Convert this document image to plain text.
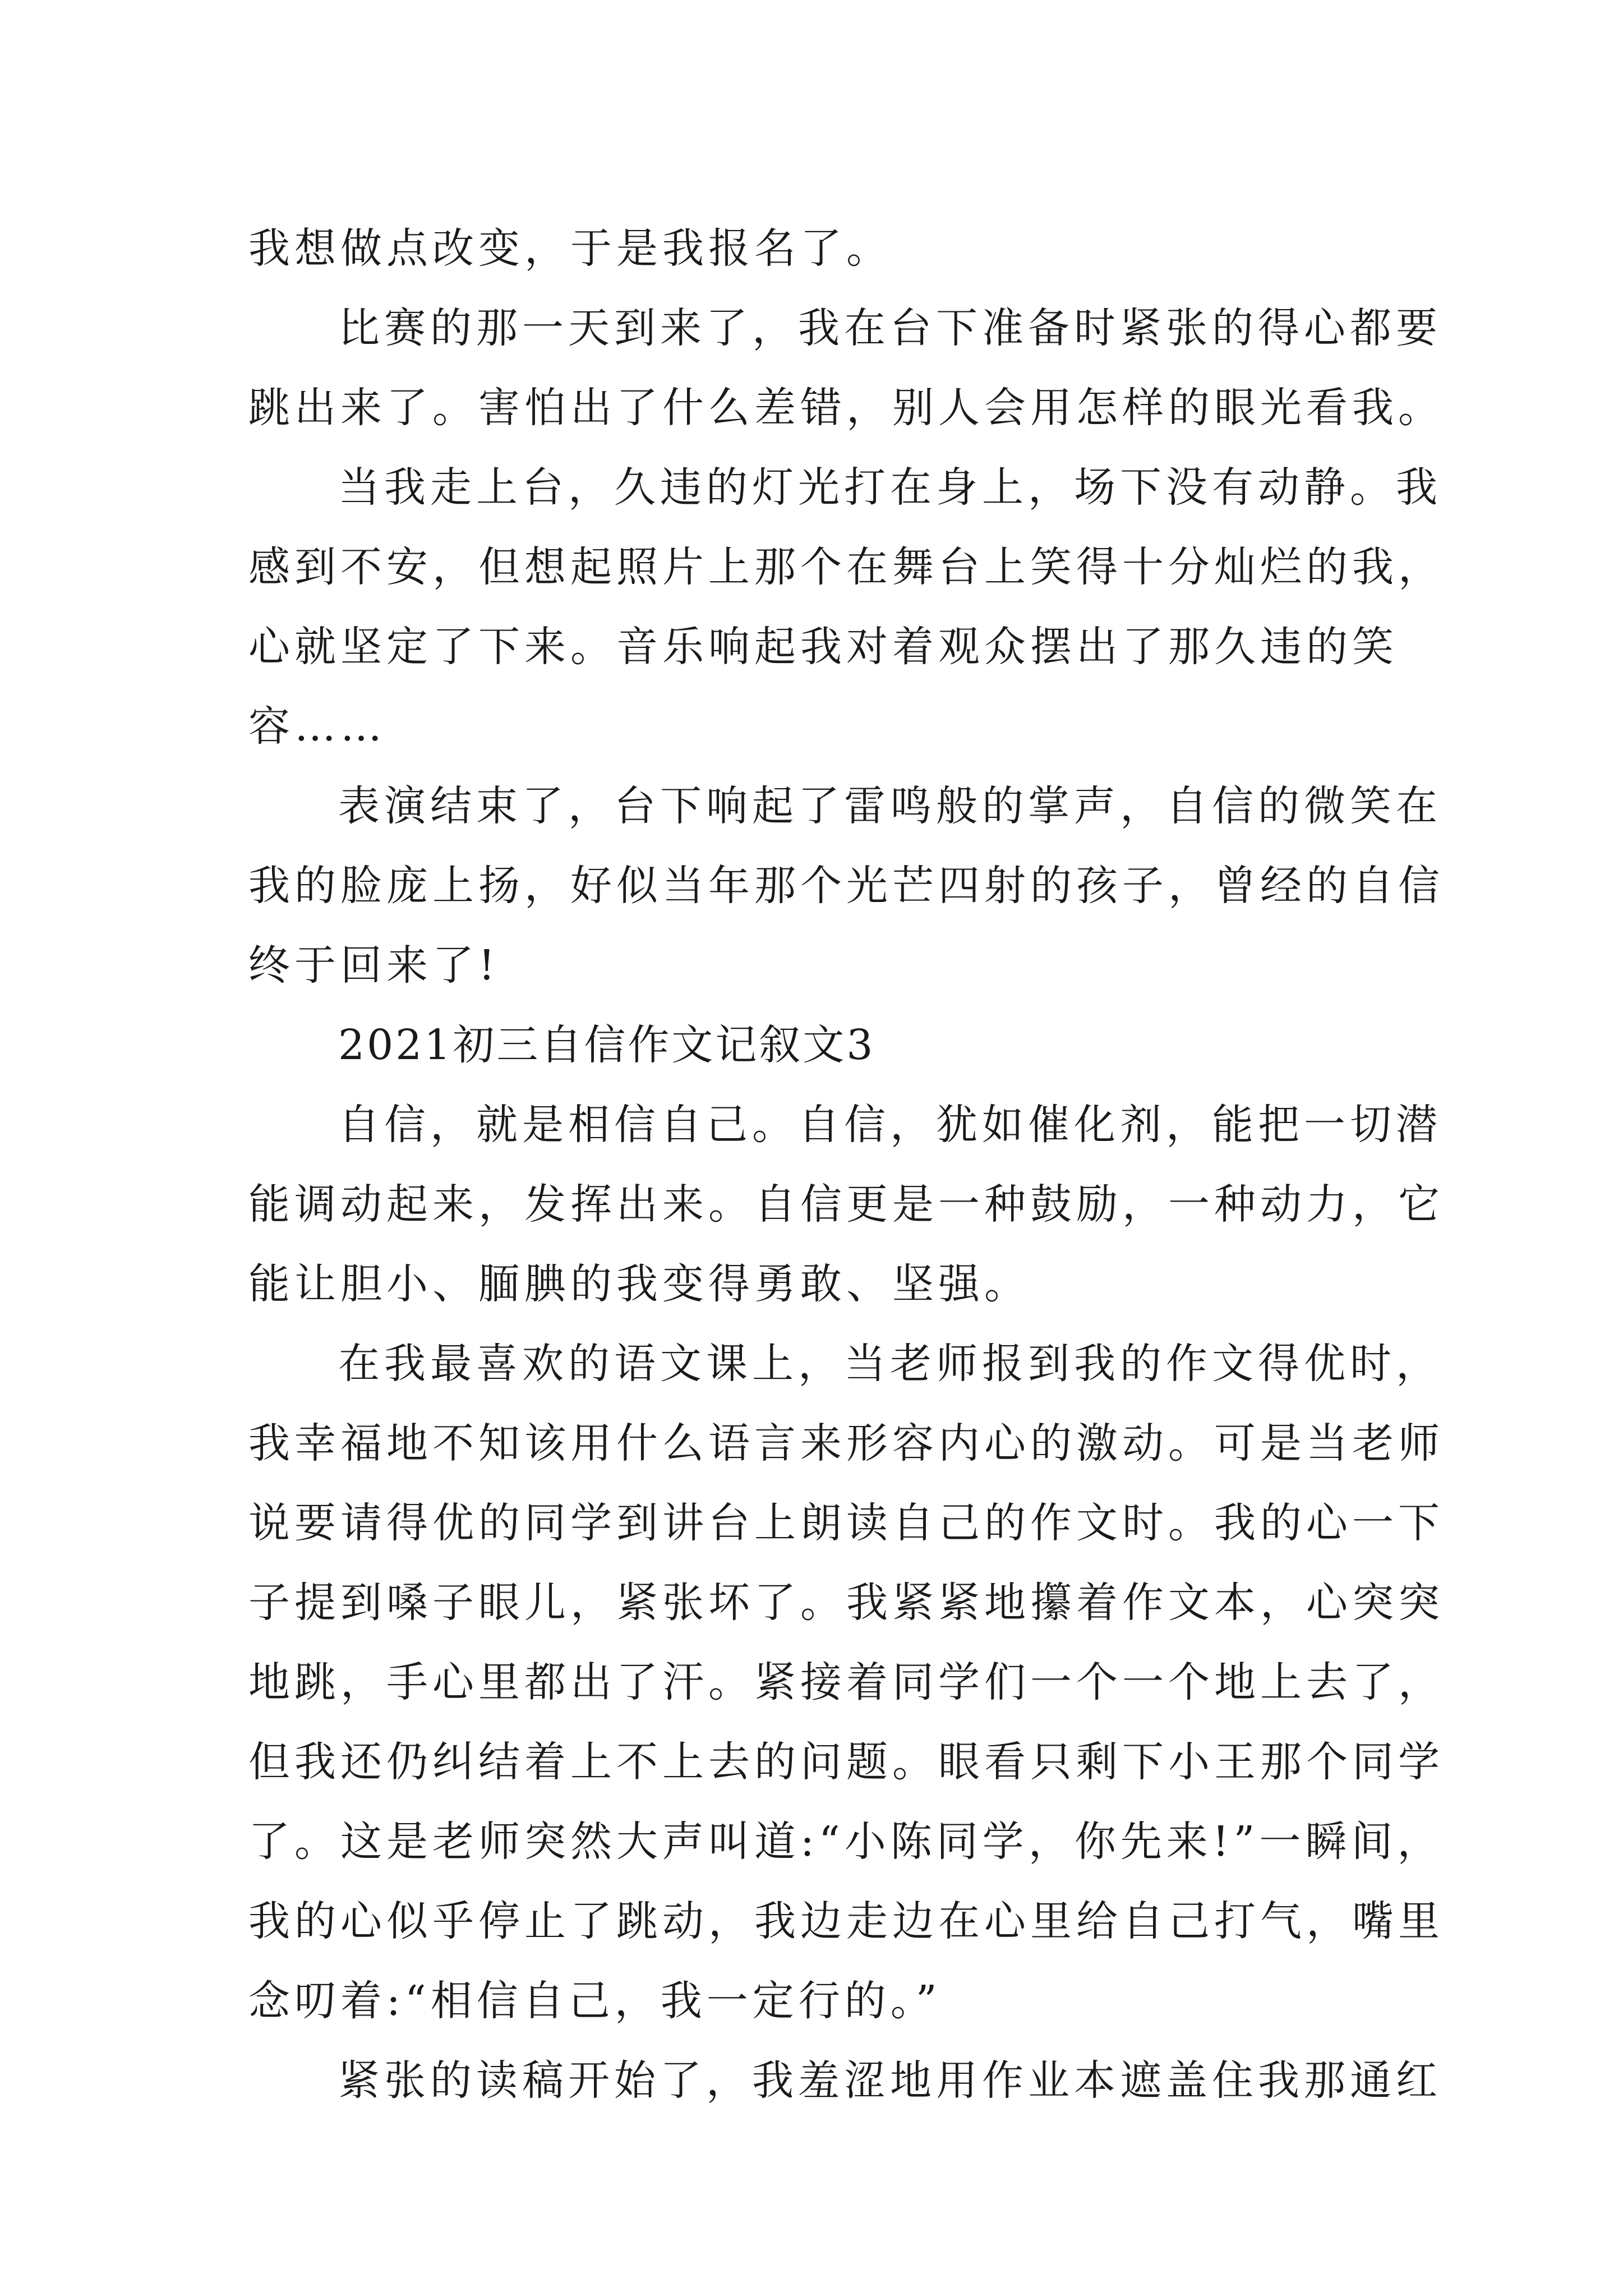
我想做点改变，于是我报名了。
比赛的那一天到来了，我在台下准备时紧张的得心都要
跳出来了。害怕出了什么差错，别人会用怎样的眼光看我。
当我走上台，久违的灯光打在身上，场下没有动静。我
感到不安，但想起照片上那个在舞台上笑得十分灿烂的我，
心就坚定了下来。音乐响起我对着观众摆出了那久违的笑
容……
表演结束了，台下响起了雷鸣般的掌声，自信的微笑在
我的脸庞上扬，好似当年那个光芒四射的孩子，曾经的自信
终于回来了!
2021初三自信作文记叙文3
自信，就是相信自己。自信，犹如催化剂，能把一切潜
能调动起来，发挥出来。自信更是一种鼓励，一种动力，它
能让胆小、腼腆的我变得勇敢、坚强。
在我最喜欢的语文课上，当老师报到我的作文得优时，
我幸福地不知该用什么语言来形容内心的激动。可是当老师
说要请得优的同学到讲台上朗读自己的作文时。我的心一下
子提到嗓子眼儿，紧张坏了。我紧紧地攥着作文本，心突突
地跳，手心里都出了汗。紧接着同学们一个一个地上去了，
但我还仍纠结着上不上去的问题。眼看只剩下小王那个同学
了。这是老师突然大声叫道:“小陈同学，你先来!”一瞬间，
我的心似乎停止了跳动，我边走边在心里给自己打气，嘴里
念叨着:“相信自己，我一定行的。”
紧张的读稿开始了，我羞涩地用作业本遮盖住我那通红
